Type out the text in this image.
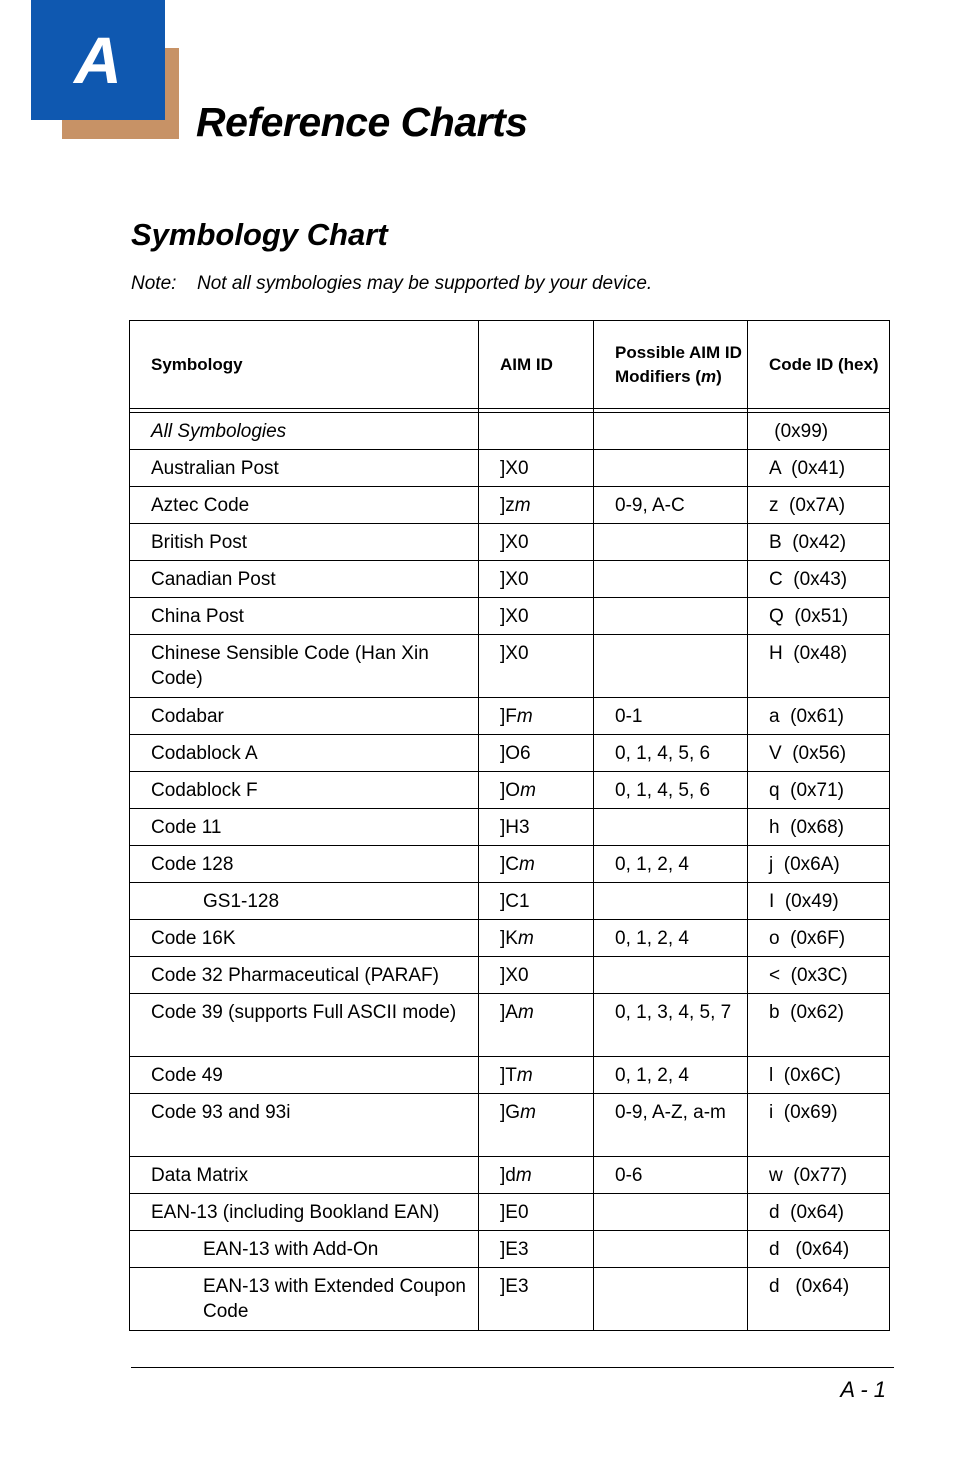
A
Reference Charts
Symbology Chart
Note: Not all symbologies may be supported by your device.
Symbology	AIM ID	Possible AIM ID Modifiers (m)	Code ID (hex)

All Symbologies			(0x99)
Australian Post	]X0		A  (0x41)
Aztec Code	]zm	0-9, A-C	z  (0x7A)
British Post	]X0		B  (0x42)
Canadian Post	]X0		C  (0x43)
China Post	]X0		Q  (0x51)
Chinese Sensible Code (Han Xin Code)	]X0		H  (0x48)
Codabar	]Fm	0-1	a  (0x61)
Codablock A	]O6	0, 1, 4, 5, 6	V  (0x56)
Codablock F	]Om	0, 1, 4, 5, 6	q  (0x71)
Code 11	]H3		h  (0x68)
Code 128	]Cm	0, 1, 2, 4	j  (0x6A)
GS1-128	]C1		I  (0x49)
Code 16K	]Km	0, 1, 2, 4	o  (0x6F)
Code 32 Pharmaceutical (PARAF)	]X0		<  (0x3C)
Code 39 (supports Full ASCII mode)	]Am	0, 1, 3, 4, 5, 7	b  (0x62)
Code 49	]Tm	0, 1, 2, 4	l  (0x6C)
Code 93 and 93i	]Gm	0-9, A-Z, a-m	i  (0x69)
Data Matrix	]dm	0-6	w  (0x77)
EAN-13 (including Bookland EAN)	]E0		d  (0x64)
EAN-13 with Add-On	]E3		d   (0x64)
EAN-13 with Extended Coupon Code	]E3		d   (0x64)
A - 1
